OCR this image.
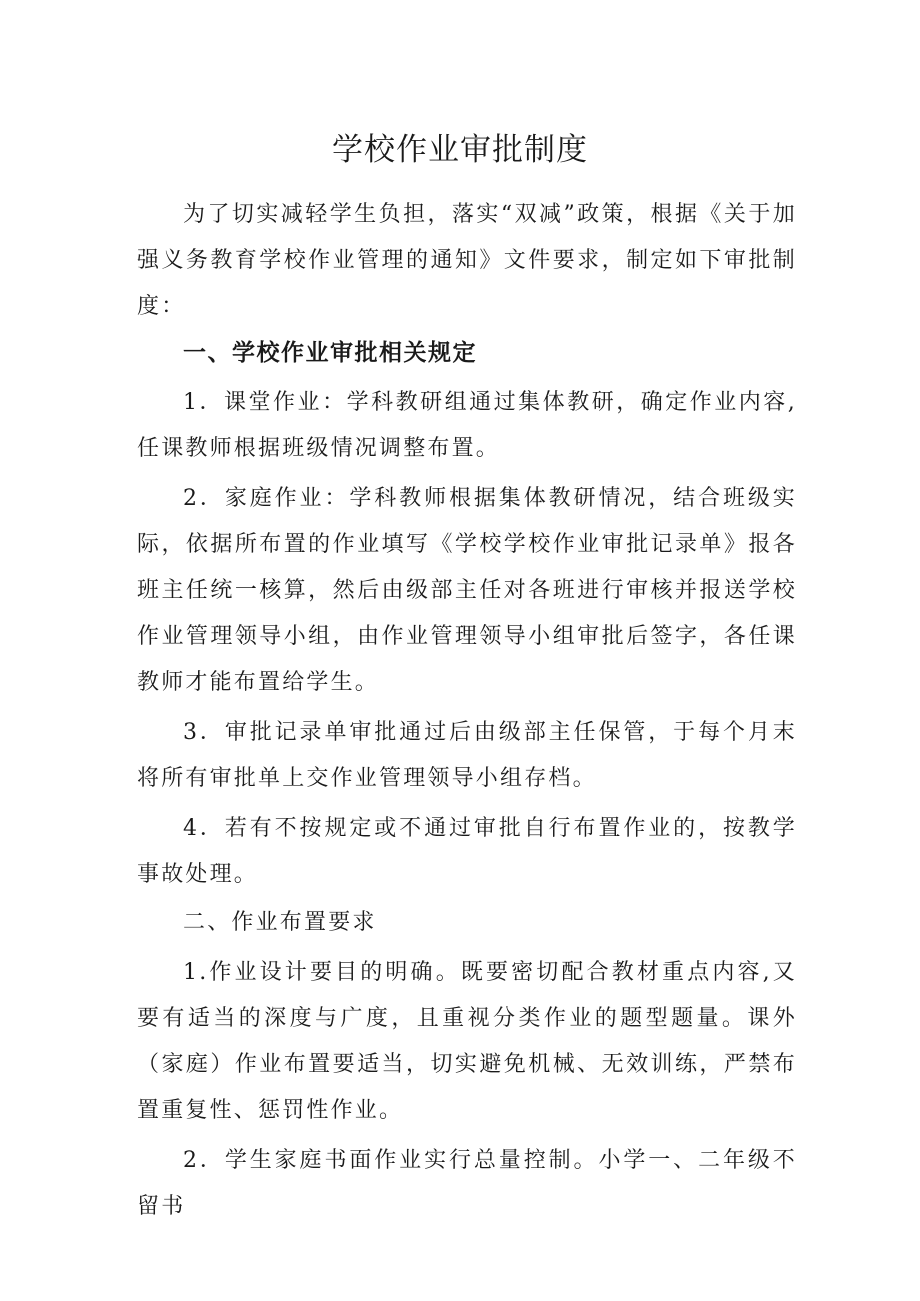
学校作业审批制度

为了切实减轻学生负担，落实“双减”政策，根据《关于加强义务教育学校作业管理的通知》文件要求，制定如下审批制度：

一、学校作业审批相关规定

1．课堂作业：学科教研组通过集体教研，确定作业内容,任课教师根据班级情况调整布置。

2．家庭作业：学科教师根据集体教研情况，结合班级实际，依据所布置的作业填写《学校学校作业审批记录单》报各班主任统一核算，然后由级部主任对各班进行审核并报送学校作业管理领导小组，由作业管理领导小组审批后签字，各任课教师才能布置给学生。

3．审批记录单审批通过后由级部主任保管，于每个月末将所有审批单上交作业管理领导小组存档。

4．若有不按规定或不通过审批自行布置作业的，按教学事故处理。

二、作业布置要求

1.作业设计要目的明确。既要密切配合教材重点内容,又要有适当的深度与广度，且重视分类作业的题型题量。课外（家庭）作业布置要适当，切实避免机械、无效训练，严禁布置重复性、惩罚性作业。

2．学生家庭书面作业实行总量控制。小学一、二年级不留书
